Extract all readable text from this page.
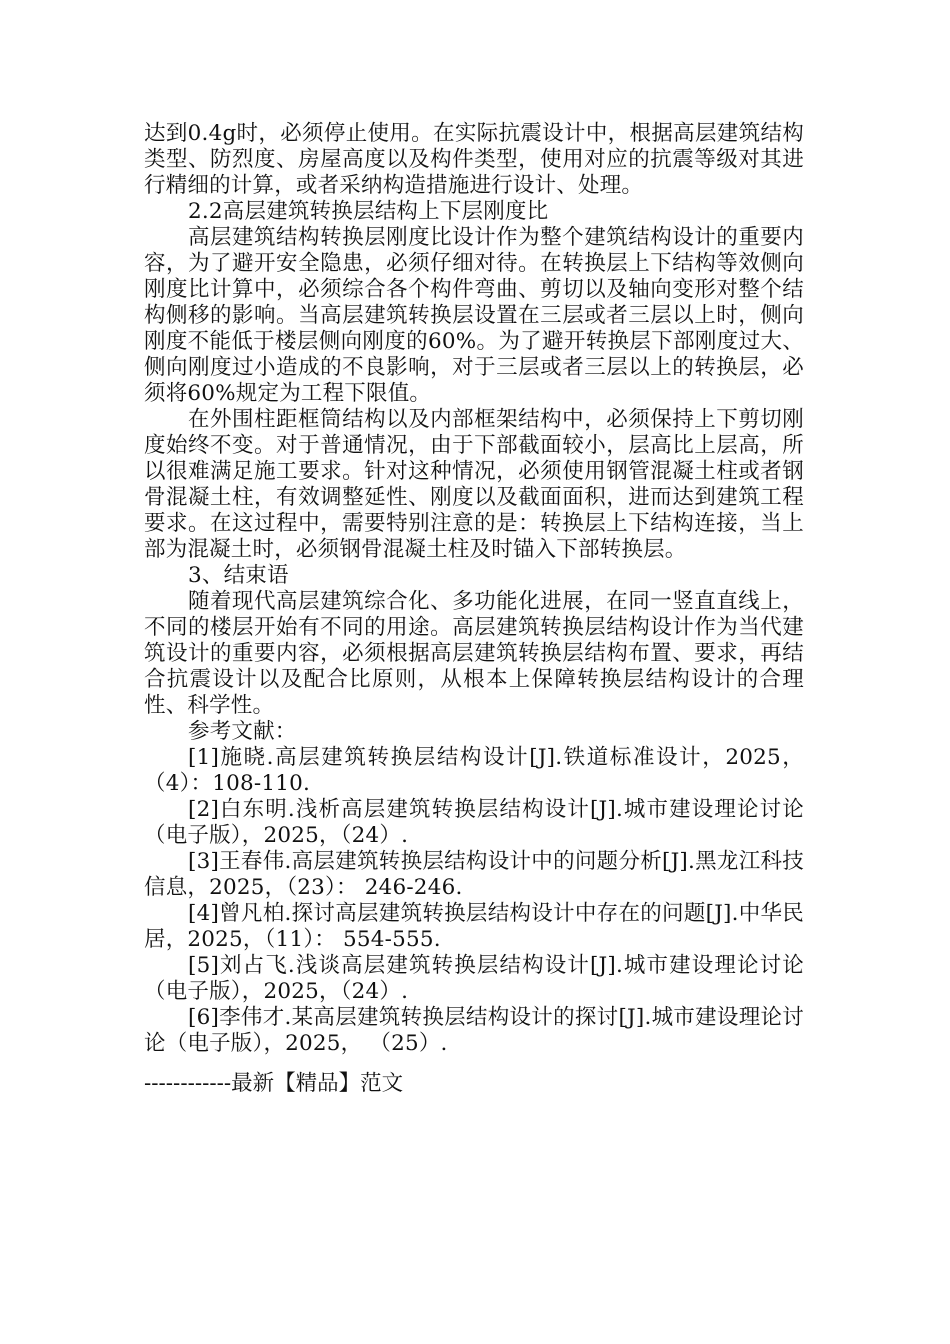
达到0.4g时，必须停止使用。在实际抗震设计中，根据高层建筑结构类型、防烈度、房屋高度以及构件类型，使用对应的抗震等级对其进行精细的计算，或者采纳构造措施进行设计、处理。

2.2高层建筑转换层结构上下层刚度比

高层建筑结构转换层刚度比设计作为整个建筑结构设计的重要内容，为了避开安全隐患，必须仔细对待。在转换层上下结构等效侧向刚度比计算中，必须综合各个构件弯曲、剪切以及轴向变形对整个结构侧移的影响。当高层建筑转换层设置在三层或者三层以上时，侧向刚度不能低于楼层侧向刚度的60%。为了避开转换层下部刚度过大、侧向刚度过小造成的不良影响，对于三层或者三层以上的转换层，必须将60%规定为工程下限值。

在外围柱距框筒结构以及内部框架结构中，必须保持上下剪切刚度始终不变。对于普通情况，由于下部截面较小，层高比上层高，所以很难满足施工要求。针对这种情况，必须使用钢管混凝土柱或者钢骨混凝土柱，有效调整延性、刚度以及截面面积，进而达到建筑工程要求。在这过程中，需要特别注意的是：转换层上下结构连接，当上部为混凝土时，必须钢骨混凝土柱及时锚入下部转换层。

3、结束语

随着现代高层建筑综合化、多功能化进展，在同一竖直直线上，不同的楼层开始有不同的用途。高层建筑转换层结构设计作为当代建筑设计的重要内容，必须根据高层建筑转换层结构布置、要求，再结合抗震设计以及配合比原则，从根本上保障转换层结构设计的合理性、科学性。

参考文献：

[1]施晓.高层建筑转换层结构设计[J].铁道标准设计，2025，（4）：108-110.

[2]白东明.浅析高层建筑转换层结构设计[J].城市建设理论讨论（电子版），2025，（24）.

[3]王春伟.高层建筑转换层结构设计中的问题分析[J].黑龙江科技信息，2025，（23）： 246-246.

[4]曾凡柏.探讨高层建筑转换层结构设计中存在的问题[J].中华民居，2025，（11）： 554-555.

[5]刘占飞.浅谈高层建筑转换层结构设计[J].城市建设理论讨论（电子版），2025，（24）.

[6]李伟才.某高层建筑转换层结构设计的探讨[J].城市建设理论讨论（电子版），2025， （25）.

------------最新【精品】范文
